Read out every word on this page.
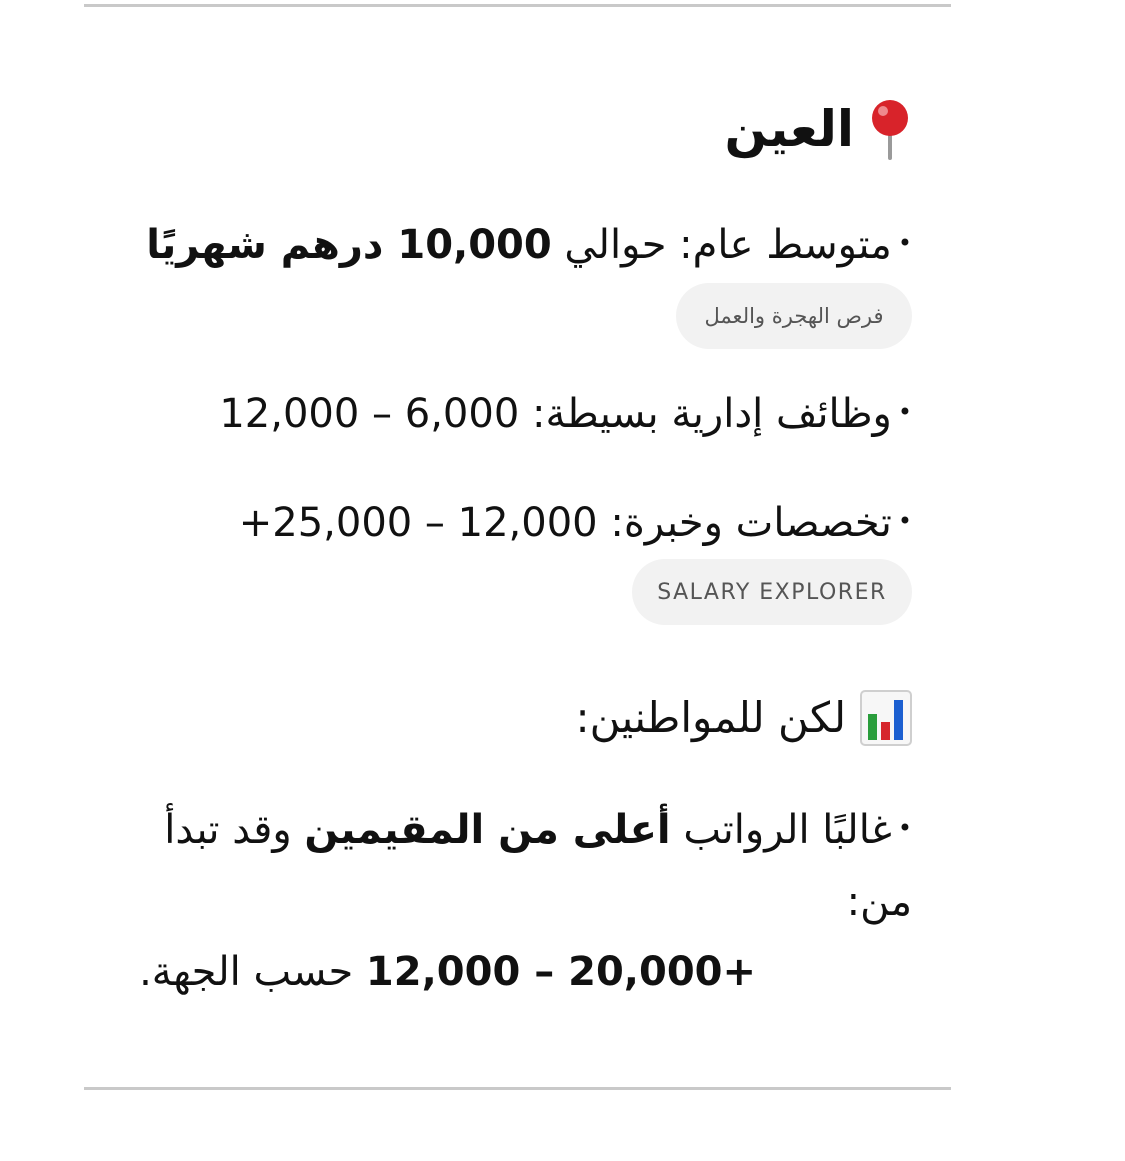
العين
•متوسط عام: حوالي 10,000 درهم شهريًا
فرص الهجرة والعمل
•وظائف إدارية بسيطة: 6,000 – 12,000
•تخصصات وخبرة: 12,000 – 25,000+
SALARY EXPLORER
لكن للمواطنين:
•غالبًا الرواتب أعلى من المقيمين وقد تبدأ
من:
12,000 – 20,000+ حسب الجهة.
